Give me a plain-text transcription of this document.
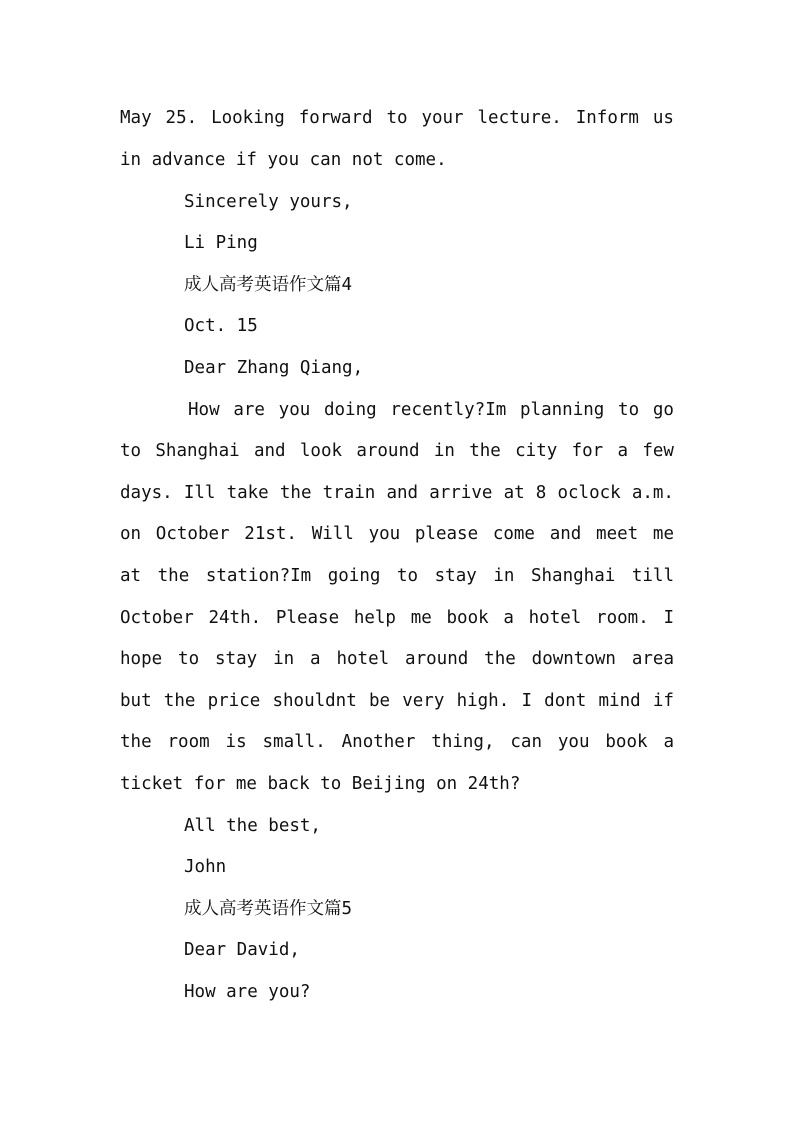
May 25. Looking forward to your lecture. Inform us
in advance if you can not come.
Sincerely yours,
Li Ping
成人高考英语作文篇4
Oct. 15
Dear Zhang Qiang,
How are you doing recently?Im planning to go
to Shanghai and look around in the city for a few
days. Ill take the train and arrive at 8 oclock a.m.
on October 21st. Will you please come and meet me
at the station?Im going to stay in Shanghai till
October 24th. Please help me book a hotel room. I
hope to stay in a hotel around the downtown area
but the price shouldnt be very high. I dont mind if
the room is small. Another thing, can you book a
ticket for me back to Beijing on 24th?
All the best,
John
成人高考英语作文篇5
Dear David,
How are you?
